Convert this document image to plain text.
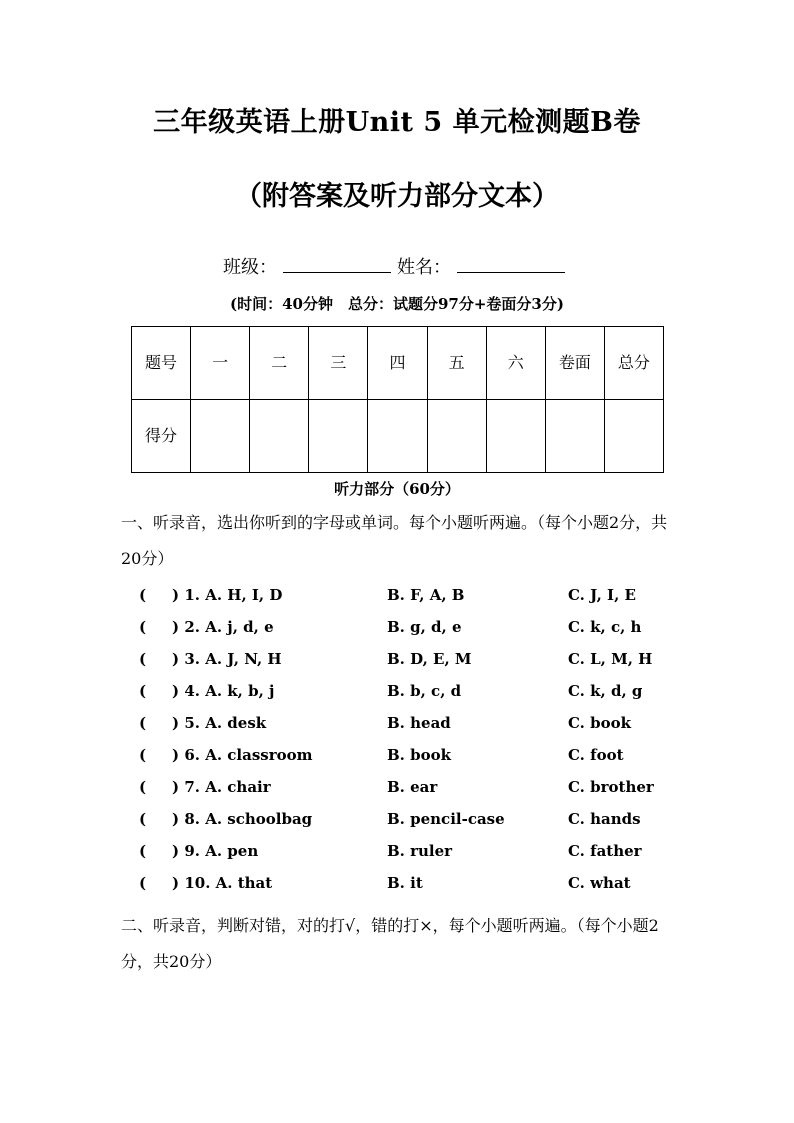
三年级英语上册Unit 5 单元检测题B卷
（附答案及听力部分文本）
班级：	姓名：
(时间：40分钟　总分：试题分97分+卷面分3分)
题号	一	二	三	四	五	六	卷面	总分
得分								
听力部分（60分）
一、听录音，选出你听到的字母或单词。每个小题听两遍。（每个小题2分，共20分）
( ) 1. A. H, I, D	B. F, A, B	C. J, I, E
( ) 2. A. j, d, e	B. g, d, e	C. k, c, h
( ) 3. A. J, N, H	B. D, E, M	C. L, M, H
( ) 4. A. k, b, j	B. b, c, d	C. k, d, g
( ) 5. A. desk	B. head	C. book
( ) 6. A. classroom	B. book	C. foot
( ) 7. A. chair	B. ear	C. brother
( ) 8. A. schoolbag	B. pencil-case	C. hands
( ) 9. A. pen	B. ruler	C. father
( ) 10. A. that	B. it	C. what
二、听录音，判断对错，对的打√，错的打×，每个小题听两遍。（每个小题2分，共20分）
